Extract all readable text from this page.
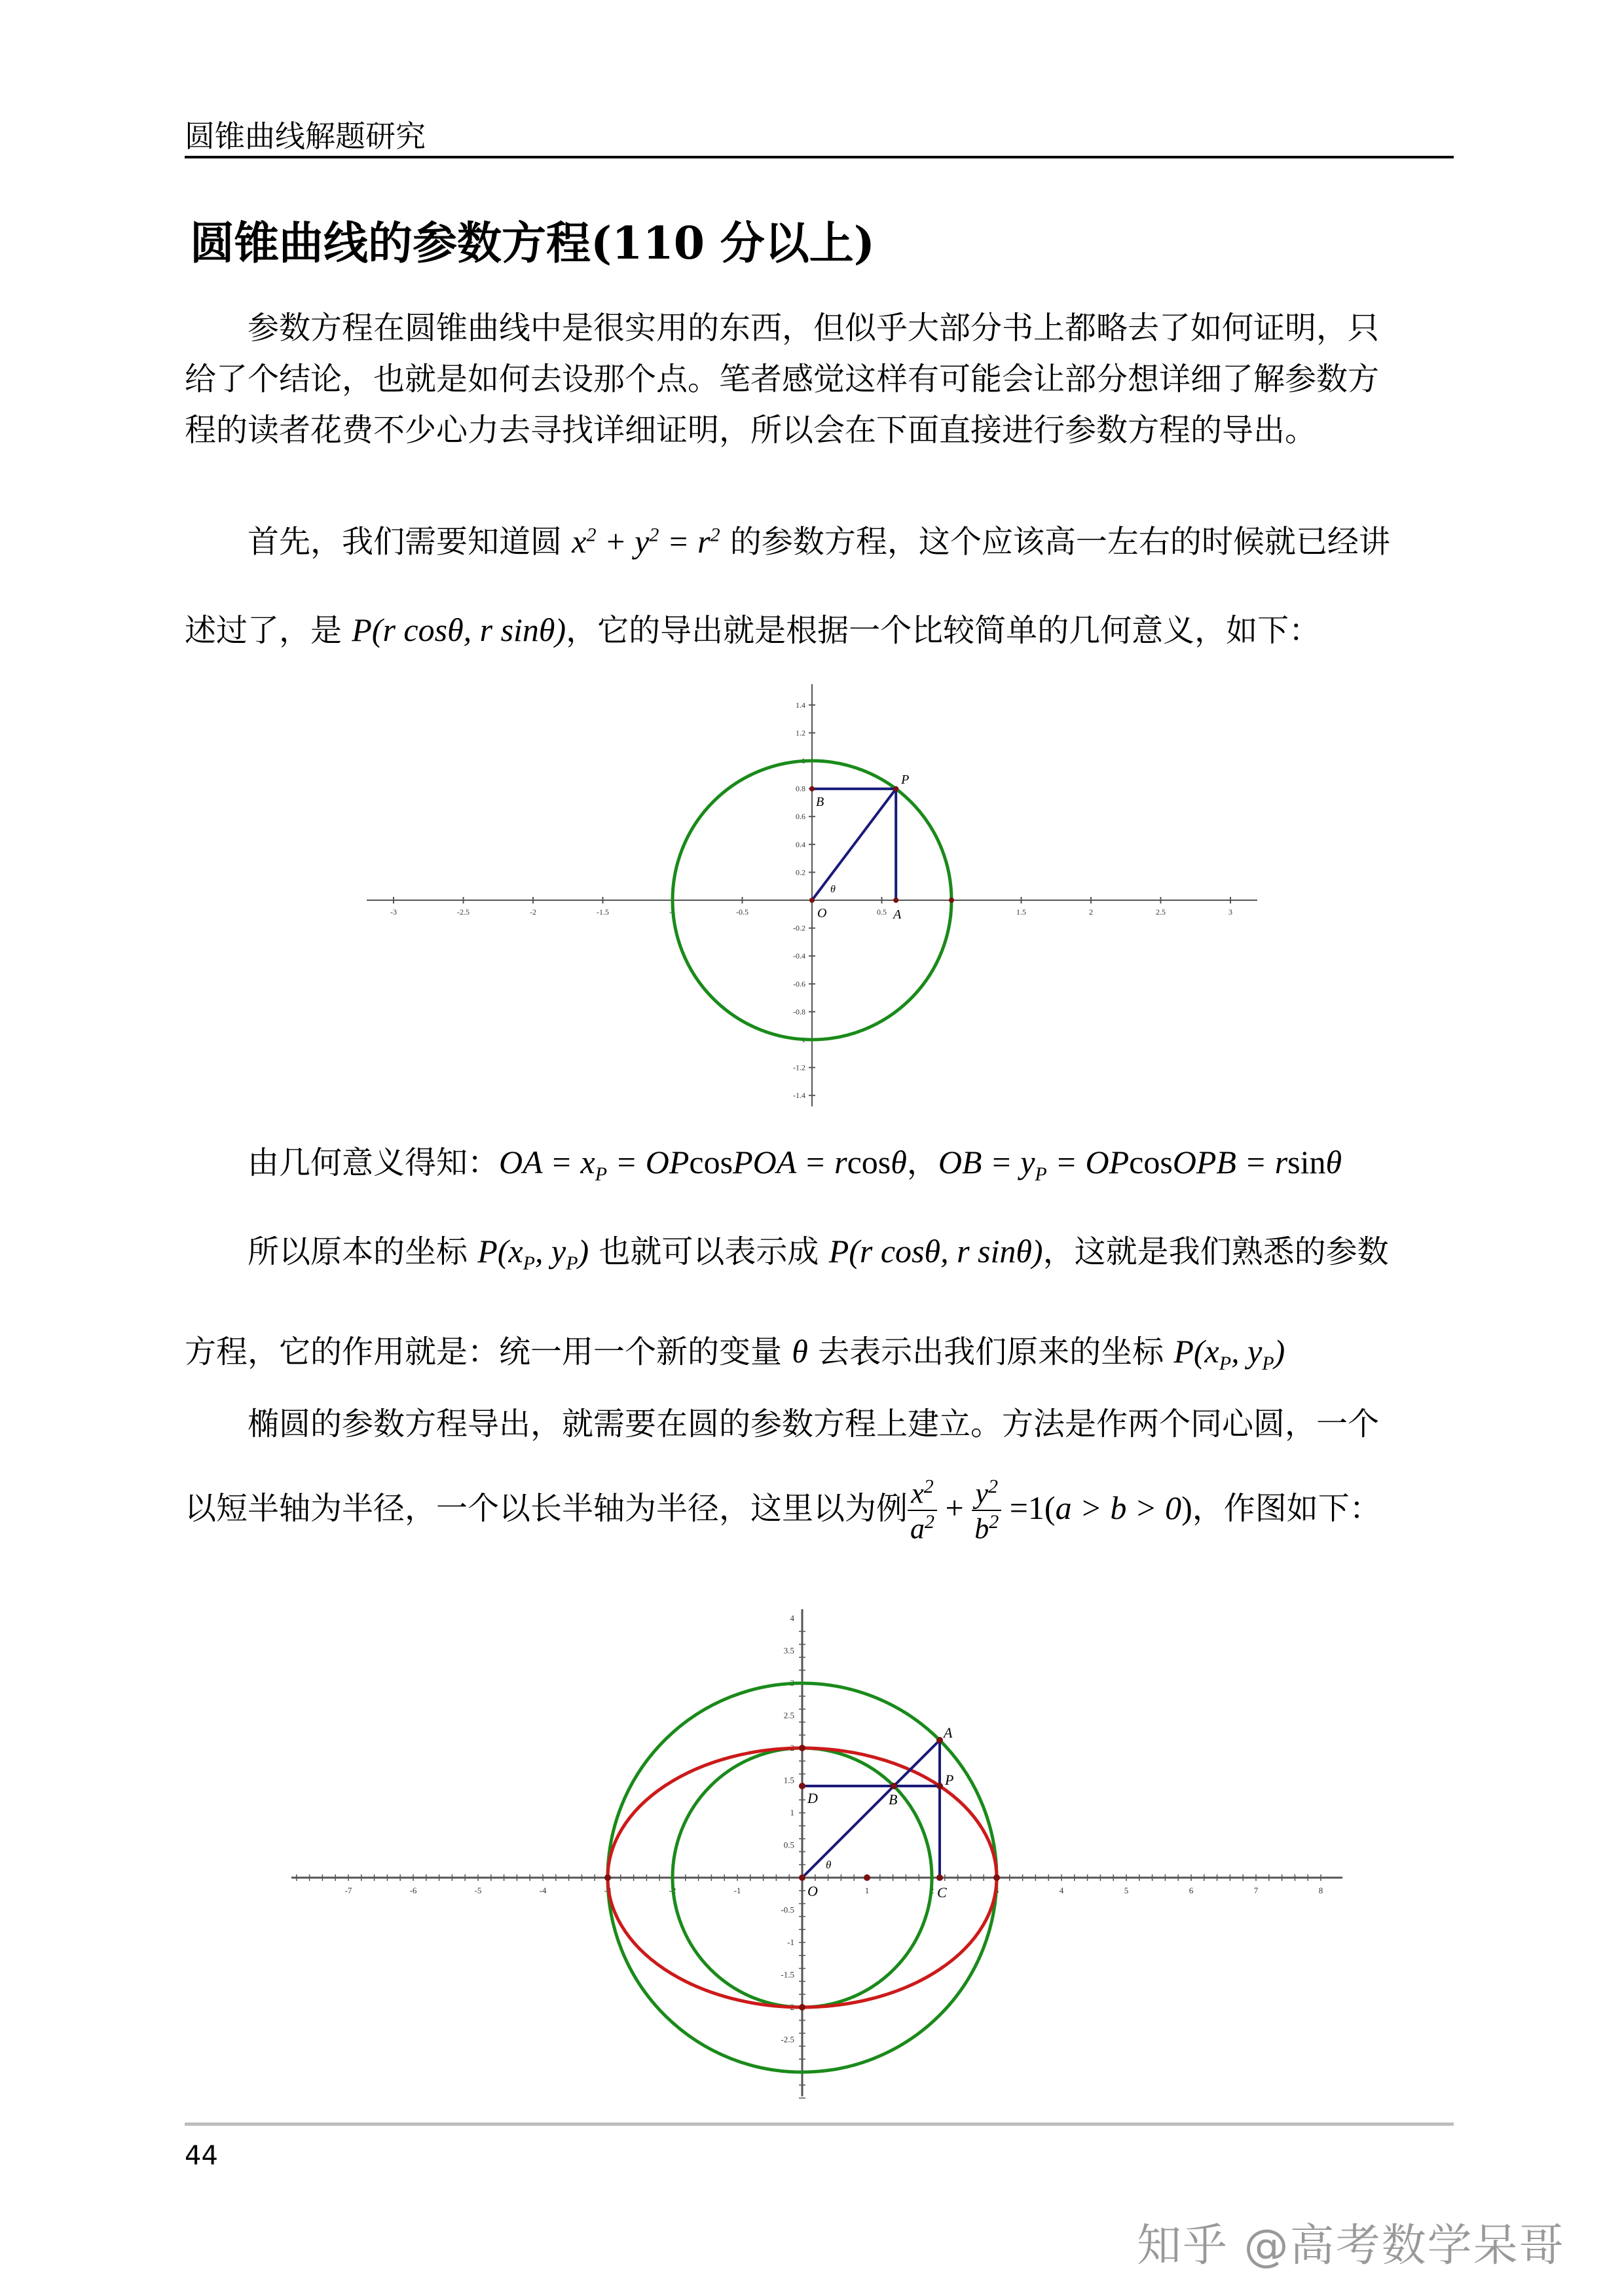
圆锥曲线解题研究
圆锥曲线的参数方程(110 分以上)
参数方程在圆锥曲线中是很实用的东西，但似乎大部分书上都略去了如何证明，只
给了个结论，也就是如何去设那个点。笔者感觉这样有可能会让部分想详细了解参数方
程的读者花费不少心力去寻找详细证明，所以会在下面直接进行参数方程的导出。
首先，我们需要知道圆 $x^2 + y^2 = r^2$ 的参数方程，这个应该高一左右的时候就已经讲
述过了，是 P(r cosθ, r sinθ)，它的导出就是根据一个比较简单的几何意义，如下：
-3	-2.5	-2	-1.5	-1	-0.5	0.5	1	1.5	2	2.5	3
1.4
1.2
1
0.8
0.6
0.4
0.2
-0.2
-0.4
-0.6
-0.8
-1
-1.2
-1.4
P
B
O	A
θ
由几何意义得知：OA = $x_P$ = OPcosPOA = rcosθ，OB = $y_P$ = OPcosOPB = rsinθ
所以原本的坐标 $P(x_P$, $y_P$) 也就可以表示成 P(r cosθ, r sinθ)，这就是我们熟悉的参数
方程，它的作用就是：统一用一个新的变量 θ 去表示出我们原来的坐标 $P(x_P$, $y_P$)
椭圆的参数方程导出，就需要在圆的参数方程上建立。方法是作两个同心圆，一个
以短半轴为半径，一个以长半轴为半径，这里以为例 $\frac{x^2}{a^2} + \frac{y^2}{b^2} =1(a > b > 0)$，作图如下：
-7	-6	-5	-4	-3	-2	-1	1	2	3	4	5	6	7	8
4
3.5
3
2.5
2
1.5
1
0.5
-0.5
-1
-1.5
-2
-2.5
A
P
D	B
O	C
θ
44
知乎 @高考数学呆哥
